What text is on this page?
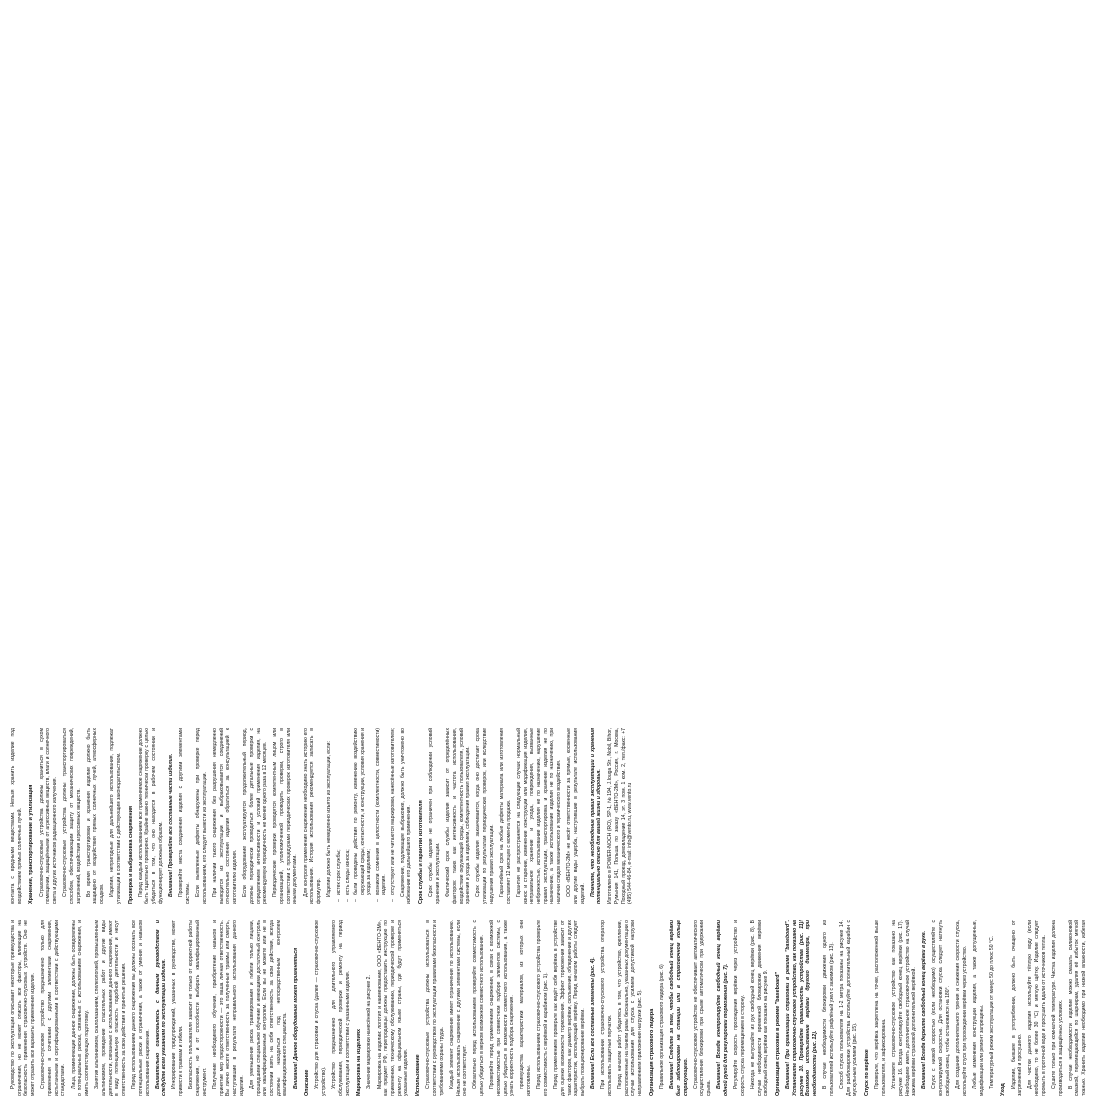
Руководство по эксплуатации описывает некоторые преимущества и ограничения, но не может описать все факторы, влияющие на безопасность применения страховочно-спусковых устройств. Оно не может отразить все варианты применения изделия. Страховочно-спусковое устройство предназначено только для применения в сочетании с другими элементами снаряжения, испытанными и сертифицированными в соответствии с действующими стандартами. Лица, применяющие данное снаряжение, должны быть осведомлены о потенциальных рисках, связанных с использованием снаряжения, и иметь соответствующую подготовку. Занятия альпинизмом, скалолазанием, спелеологией, промышленным альпинизмом, проведение спасательных работ и другие виды деятельности, связанные с использованием данного снаряжения, имеют в виду потенциальную опасность подобной деятельности и несут ответственность за свои действия и принятые решения. Перед использованием данного снаряжения вы должны осознать все потенциальные риски и ограничения, а также от умения и навыков использования снаряжения. Внимательно ознакомьтесь с данным руководством и следуйте всем указаниям по эксплуатации изделия. Игнорирование предупреждений, указанных в руководстве, может привести к травмам и гибели. Безопасность пользователя зависит не только от корректной работы снаряжения, но и от способности выбирать квалифицированный инструмент. Получение необходимого обучения, приобретение навыков и принятие мер предосторожности — это ваша личная ответственность. Вы лично несете ответственность за полученные травмы или смерть, наступившие в результате неправильного использования данного изделия. Для уменьшения риска травмирования и гибели только лицами, прошедшими специальное обучение и имеющими достаточный контроль или квалифицированным контролем. Если вы не можете или не в состоянии взять на себя ответственность за свои действия, всегда должны находиться под непосредственным контролем квалифицированного специалиста. Внимание! Данное оборудование может применяться Описание Устройство для страховки и спуска (далее — страховочно-спусковое устройство). Устройство предназначено для длительного управляемого обслуживания, периодической проверки и ремонту на период эксплуатации и соответствии с указанными изделия. Маркировка на изделиях Значение маркировки нанесённой на рисунке 2. Маркировка на изделии: логотип и наименование, ООО «ВЕНТО-2М», как предмет РФ, перепродавцы должны предоставить инструкцию по применению, техническому обслуживанию, периодической проверке и ремонту на официальном языке страны, где будут применяться указанные изделия. Использование Страховочно-спусковые устройства должны использоваться в соответствии с руководством по эксплуатации правилами безопасности и требованиями охраны труда. Каждый элемент снаряжения имеет ограничения по использованию. Нельзя использовать снаряжение с другими элементами системы, если оно не соответствует. Обязательно перед использованием проверяйте совместимость с целью убедиться в верном возможном совместного использования. Проверяйте перед применением снаряжения, в связи с возможной несовместимостью при совместном подборе элементов системы, с целью убедиться в возможности совместного использования, а также узнать корректность подбора снаряжения. преимущества характеристики материалов, из которых они изготовлены. Перед использованием страховочно-спускового устройства проверьте его совместимость с верёвкой и карабином (рис. 1). Перед применением проверьте как ведёт себя верёвка в устройстве для оценки возможности торможения. Эффект торможения зависит от таких факторов, как диаметр верёвки, скольжение, обледенение и других характеристик, использующий верёвку. Перед началом работы следует выбрать позиционирование верёвки. Внимание! Если все составные элементы (рис. 4). При использовании страховочно-спускового устройства оператор использовать защитные перчатки. Перед началом работ убедитесь в том, что устройство, крепление, расположенные на панели рамы бесканально, указанных документации о случае использования для спуска с усилием допустимой нагрузки направлением приложения нагрузки (рис. 5). Организация страхового лидера Правильное организация страхового лидера (рис. 6) Внимание! Следите за тем, чтобы свободный конец верёвки был заблокирован на станции или в страховочном кольце страхующего. Страховочно-спусковое устройство не обеспечивает автоматического осуществления блокировки при срыве автоматически при удержании срыва. Внимание! Всегда контролируйте свободный конец верёвки одной рукой для регулировки торможения (рис. 7). Регулируйте скорость прохождения верёвки через устройство и скорость спуска перемещением в сторону. Никогда не выпускайте из рук свободный конец верёвки (рис. 8). В случае необходимости временной блокировки движения верёвки свободный конец верёвки как показано на рисунке 9. Организация страховки в режиме "baseboard" Внимание! При организации страховки в режиме "baseboard". Установите страховочно-спусковое устройство, как показано на рисунке 10. Проверяйте правильность устройства (рис. 11)! Возможно использование верёвки другого диаметра, при необходимости (рис. 12). В случае необходимости блокировки движения одного из пользователей используйте рифлёный узел с зажимом (рис. 13). Способ спуска пользователя на 1-2 метра показаны на рисунке 14. Для разблокировки устройства используйте дополнительный карабин с мускульным усилием (рис. 15). Спуск по верёвке Проверьте, что верёвка закреплена на точке, расположенной выше пользователя, и зафиксирована. Установите страховочно-спусковое устройство как показано на рисунке 16. Всегда контролируйте свободный конец верёвки (рис. 17). Необходимо иметь дополнительное страховочное устройство на случай зажима верёвки страховой дополнительной верёвкой. Внимание! Всегда держите свободный конец верёвки в руке. Спуск с низкой скоростью (если необходимо) осуществляйте с контролируемой скоростью. Для остановки спуска следует натянуть свободный конец, чтобы остановился на 180°. Для создания дополнительного трения и снижения скорости спуска, используйте спуск при прохождении верёвки через устройство. Любые изменения конструкции изделия, а также допущенные, модификации или ремонт запрещены. Температурный режим эксплуатации от минус 50 до плюс 50 °С.

Уход

Изделие, бывшее в употреблении, должно быть очищено от загрязнений и просушено. Для чистки данного изделия используйте тёплую воду (если необходимо, то не более 30 °C) и мягкую щётку. Изделие следует промыть в проточной воде и просушить вдали от источников тепла. Сушите только при комнатной температуре. Чистка изделия должна производиться в защищённых условиях. В случае необходимости изделие можно смазать силиконовой смазкой, перемещающейся по шарнирам, удаляя её избыток мягкой тканью. Хранить изделие необходимо при низкой влажности, избегая контакта с вредными веществами. Нельзя хранить изделие под воздействием прямых солнечных лучей.	Хранение, транспортирование и утилизация Страховочно-спусковые устройства должны храниться в сухом помещении, защищёнными от агрессивных веществ, влаги и солнечного света и других источников радиационного излучения. Страховочно-спусковые устройства должны транспортироваться способом, обеспечивающим защиту от механических повреждений, загрязнений, воздействия агрессивных веществ. Во время транспортировки и хранения изделие должно быть защищено от воздействия прямых солнечных лучей, атмосферных осадков. Изделия, непригодные для дальнейшего использования, подлежат утилизации в соответствии с действующим законодательством. Проверка и выбраковка снаряжения Перед каждым использованием все применяемое снаряжение должно быть тщательно проверено. Крайне важно технически проверку с целью убедиться в том, что оно находится в рабочем состоянии и функционирует должным образом. Внимание! Проверяйте все составные части изделия. Проверяйте места соединения изделия с другими элементами системы. Если выявленные дефекты обнаружены при проверке перед использованием, его следует вывести из эксплуатации. При наличии такого снаряжения без разрушения немедленно выводится из эксплуатации и выбраковывается соединений относительно состояния изделия обратиться за консультацией к изготовителю изделия. Если оборудование эксплуатируется продолжительный период, должны периодически проводиться более детальные проверки с определением интенсивности и условий применения изделия, на рекомендуемую периодичность не менее одного раза в 12 месяцев. Периодические проверки проводятся компетентным лицом или организацией, уполномоченной проводить проверки, строго в соответствии с процедурами периодических проверок изготовителя или иными документами. Для контроля применения снаряжения необходимо знать историю его использования. История использования рекомендуется записать в формуляр. Изделие должно быть немедленно изъято из эксплуатации, если: – истек срок службы; – есть следы износа; – были проведены действия по ремонту, изменению воздействию окружающей среды, контактности, и конструкции, условия хранения и ухода за изделием; – возникли сомнения в целостности (комплектности, совместимости) изделия. – отсутствуют или не читаются маркировки, нанесённые изготовителем; Снаряжение, подлежащее выбраковке, должно быть уничтожено во избежание его дальнейшего применения. Срок службы и гарантии изготовителя Срок службы изделия не ограничен при соблюдении условий хранения и эксплуатации. Фактический срок службы изделия зависит от определённых факторов: таких как интенсивность и частота использования, воздействие окружающей среды, компетентность пользователя, условий хранения и ухода за изделием, соблюдения правил эксплуатации. Срок службы изделия заканчивается, когда оно достигает срока утилизации по результатам периодических проверок, или вследствие нарушения правил эксплуатации. Гарантийный срок на любые дефекты материала или изготовления составляет 12 месяцев с момента продажи. Гарантия не распространяется на следующие случаи: нормальный износ и старение, изменение конструкции или модификация изделия, неправильное хранение и ухода, повреждения, вызванные небрежностью, использование изделия не по назначению, нарушение правил эксплуатации, транспортировка и хранение изделия не по назначению, а также использование изделия не по назначению, при наличии следов механического и термического воздействия. ООО «ВЕНТО-2М» не несёт ответственности за прямые, косвенные или другие виды ущерба, наступившие в результате использования изделий. Помните, что несоблюдение правил эксплуатации и хранения потенциально опасно для вашей жизни и здоровья. Изготовлено в POWER-NOCH (RO), SP-1, № 194, J.Iouga Str., Nobil, Bihor, Румыния 141, Польша по заказу «ВЕНТО-2М», Россия, г. Москва, Походный проезд, домовладение 14, эт. 3 пом. 1 ком. 2, тел./факс: +7 (495) 544-46-84, e-mail: info@vento.ru, www.vento.ru
